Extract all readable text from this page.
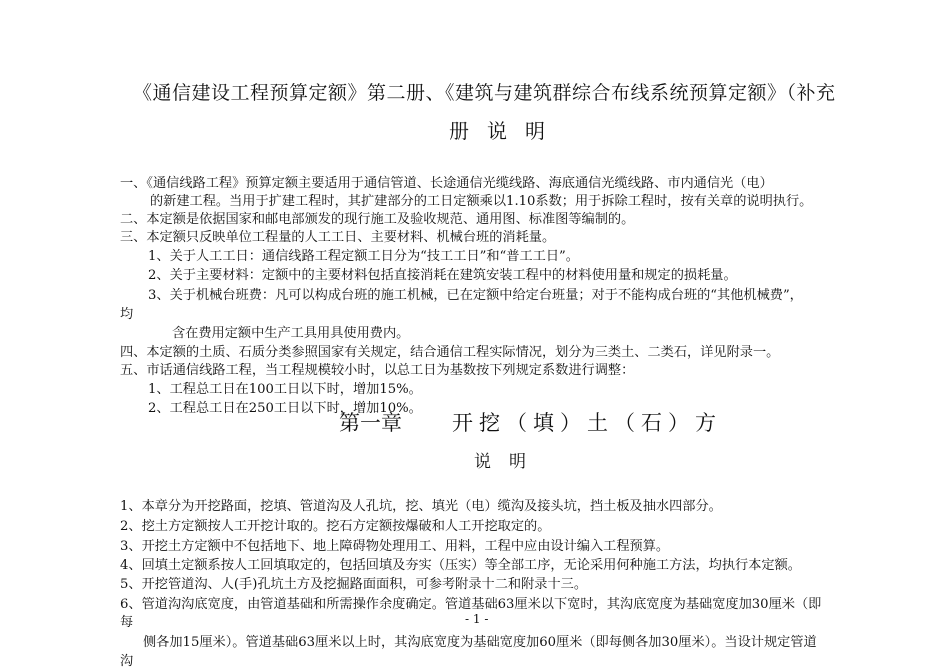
《通信建设工程预算定额》第二册、《建筑与建筑群综合布线系统预算定额》（补充
册说明
一、《通信线路工程》预算定额主要适用于通信管道、长途通信光缆线路、海底通信光缆线路、市内通信光（电）
的新建工程。当用于扩建工程时，其扩建部分的工日定额乘以1.10系数；用于拆除工程时，按有关章的说明执行。
二、本定额是依据国家和邮电部颁发的现行施工及验收规范、通用图、标准图等编制的。
三、本定额只反映单位工程量的人工工日、主要材料、机械台班的消耗量。
1、关于人工工日：通信线路工程定额工日分为“技工工日”和“普工工日”。
2、关于主要材料：定额中的主要材料包括直接消耗在建筑安装工程中的材料使用量和规定的损耗量。
3、关于机械台班费：凡可以构成台班的施工机械，已在定额中给定台班量；对于不能构成台班的“其他机械费”，
均
含在费用定额中生产工具用具使用费内。
四、本定额的土质、石质分类参照国家有关规定，结合通信工程实际情况，划分为三类土、二类石，详见附录一。
五、市话通信线路工程，当工程规模较小时，以总工日为基数按下列规定系数进行调整：
1、工程总工日在100工日以下时，增加15%。
2、工程总工日在250工日以下时，增加10%。
第一章 开挖（填）土（石）方
说明
1、本章分为开挖路面，挖填、管道沟及人孔坑，挖、填光（电）缆沟及接头坑，挡土板及抽水四部分。
2、挖土方定额按人工开挖计取的。挖石方定额按爆破和人工开挖取定的。
3、开挖土方定额中不包括地下、地上障碍物处理用工、用料，工程中应由设计编入工程预算。
4、回填土定额系按人工回填取定的，包括回填及夯实（压实）等全部工序，无论采用何种施工方法，均执行本定额。
5、开挖管道沟、人(手)孔坑土方及挖掘路面面积，可参考附录十二和附录十三。
6、管道沟沟底宽度，由管道基础和所需操作余度确定。管道基础63厘米以下宽时，其沟底宽度为基础宽度加30厘米（即
每
侧各加15厘米）。管道基础63厘米以上时，其沟底宽度为基础宽度加60厘米（即每侧各加30厘米）。当设计规定管道
沟
- 1 -
